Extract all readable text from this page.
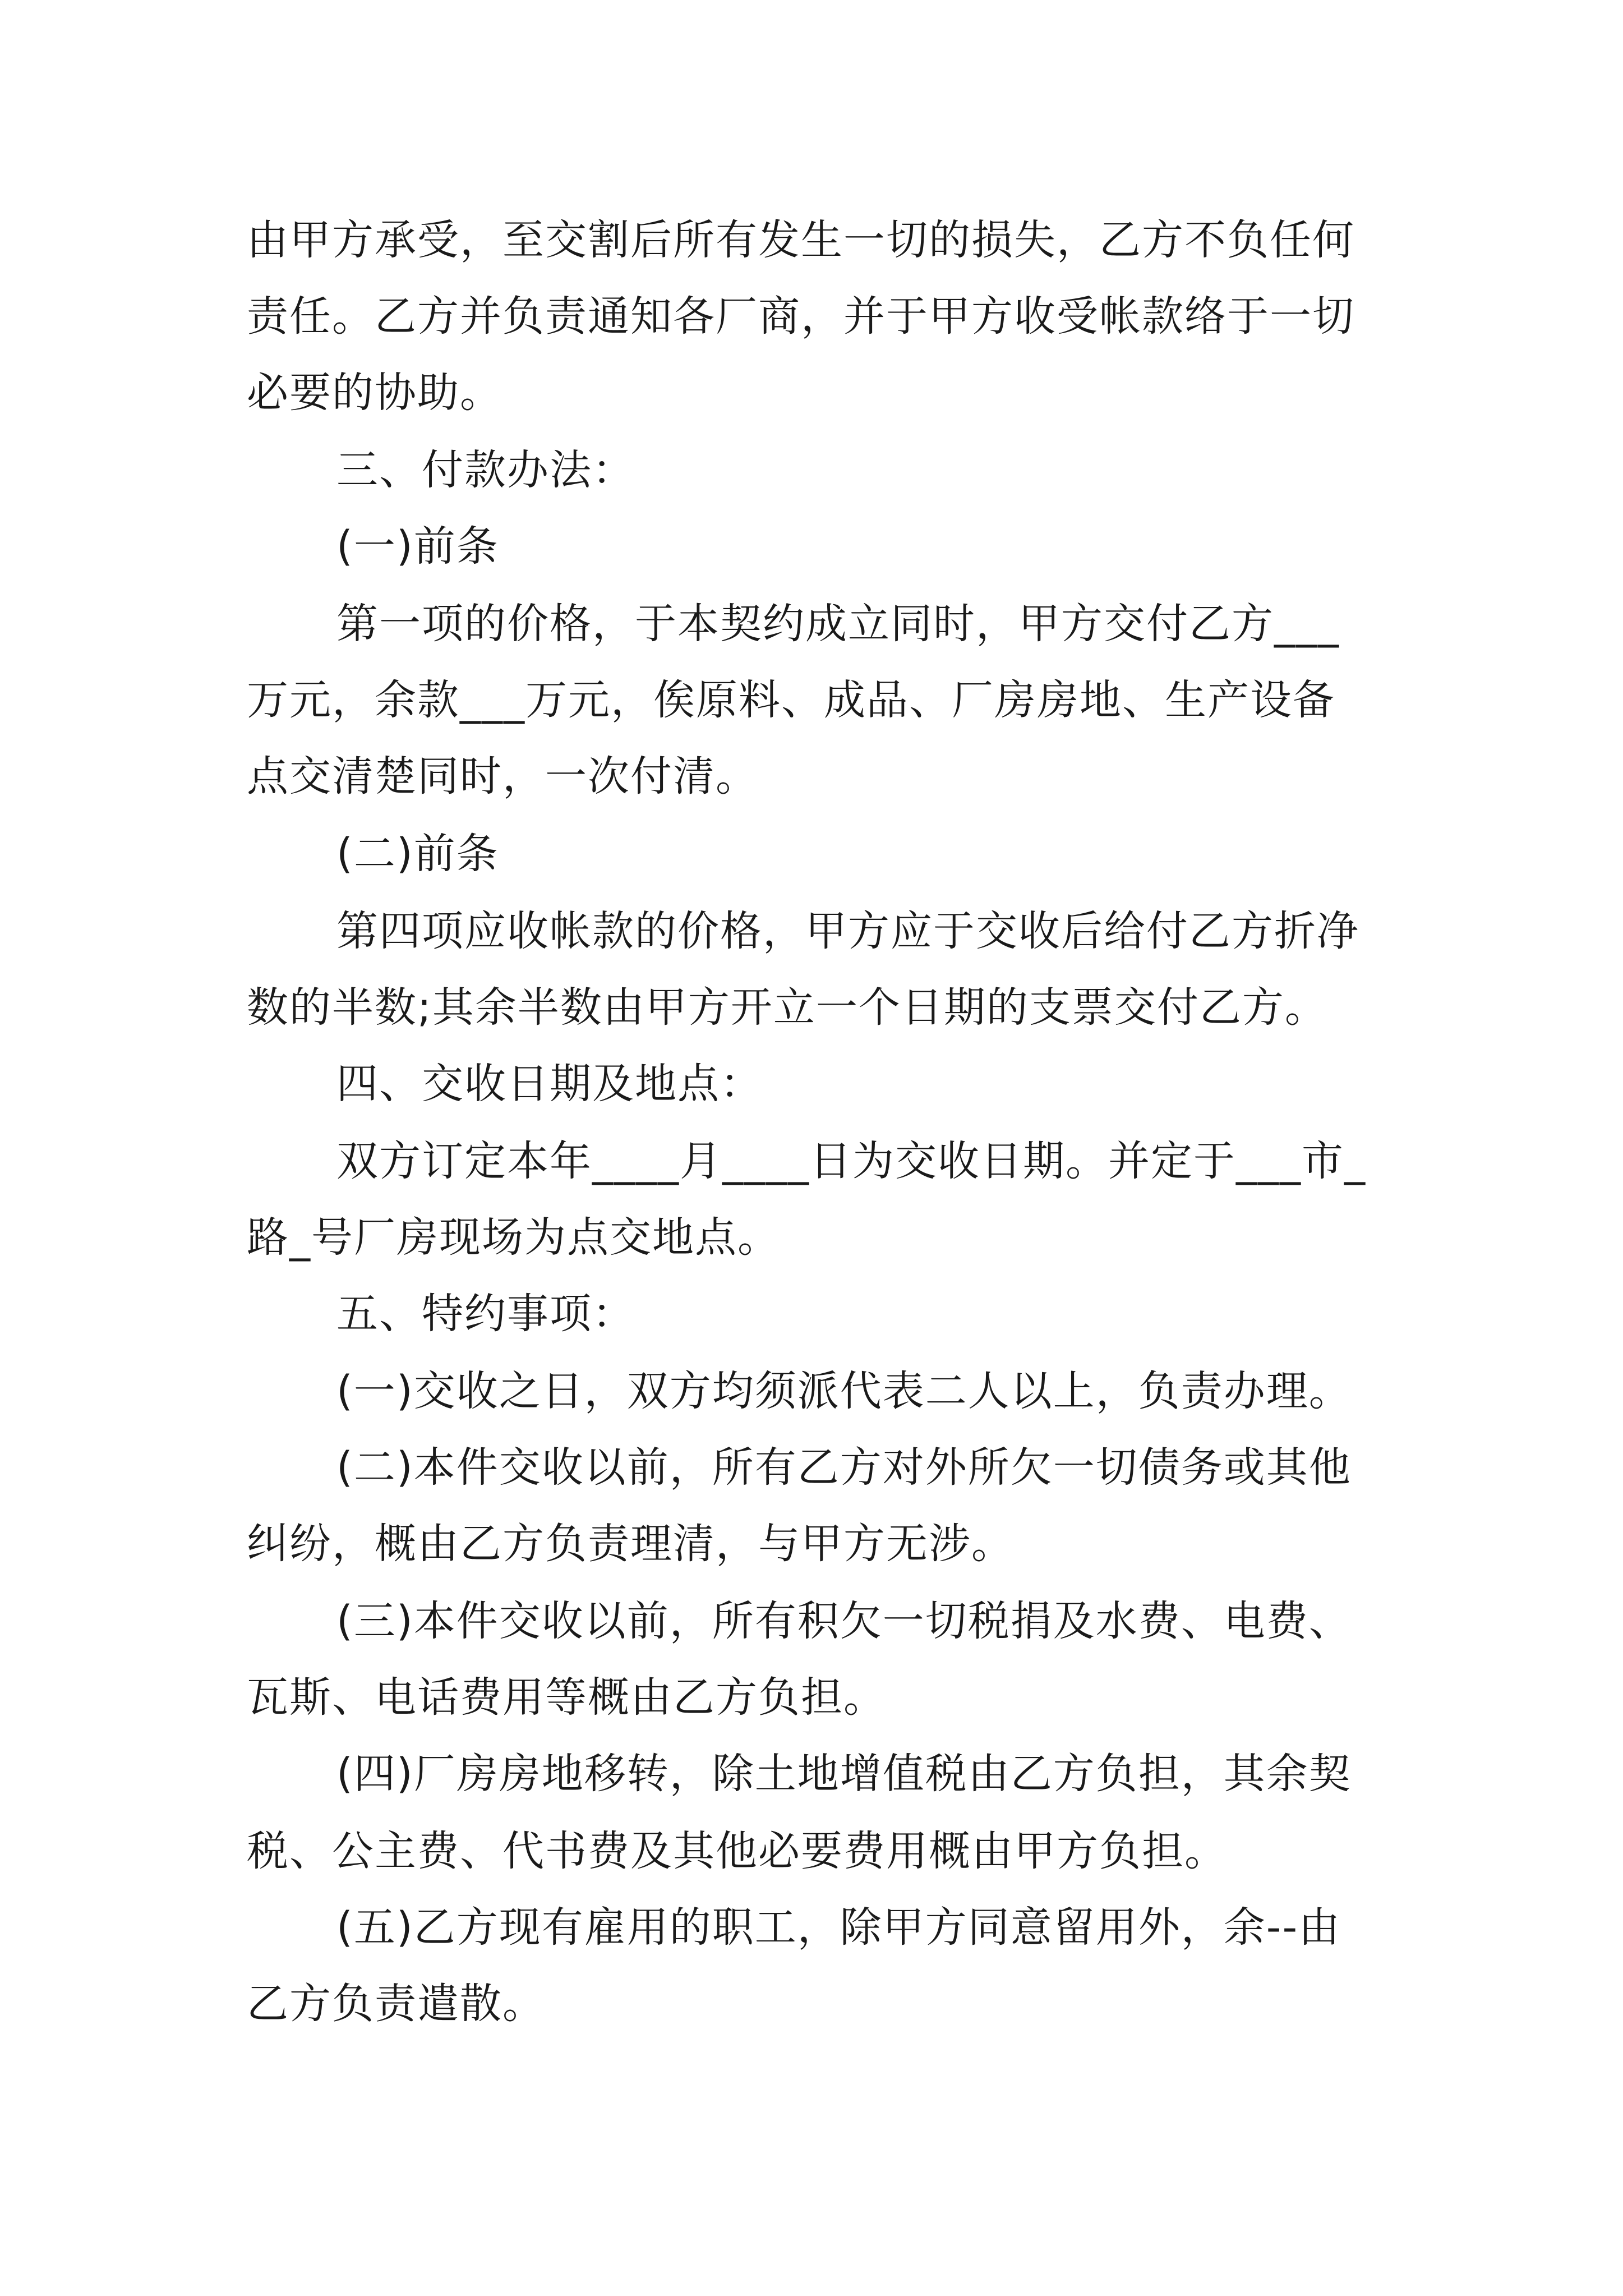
由甲方承受，至交割后所有发生一切的损失，乙方不负任何

责任。乙方并负责通知各厂商，并于甲方收受帐款络于一切

必要的协助。

三、付款办法：

(一)前条

第一项的价格，于本契约成立同时，甲方交付乙方___

万元，余款___万元，俟原料、成品、厂房房地、生产设备

点交清楚同时，一次付清。

(二)前条

第四项应收帐款的价格，甲方应于交收后给付乙方折净

数的半数;其余半数由甲方开立一个日期的支票交付乙方。

四、交收日期及地点：

双方订定本年____月____日为交收日期。并定于___市_

路_号厂房现场为点交地点。

五、特约事项：

(一)交收之日，双方均须派代表二人以上，负责办理。

(二)本件交收以前，所有乙方对外所欠一切债务或其他

纠纷，概由乙方负责理清，与甲方无涉。

(三)本件交收以前，所有积欠一切税捐及水费、电费、

瓦斯、电话费用等概由乙方负担。

(四)厂房房地移转，除土地增值税由乙方负担，其余契

税、公主费、代书费及其他必要费用概由甲方负担。

(五)乙方现有雇用的职工，除甲方同意留用外，余--由

乙方负责遣散。
